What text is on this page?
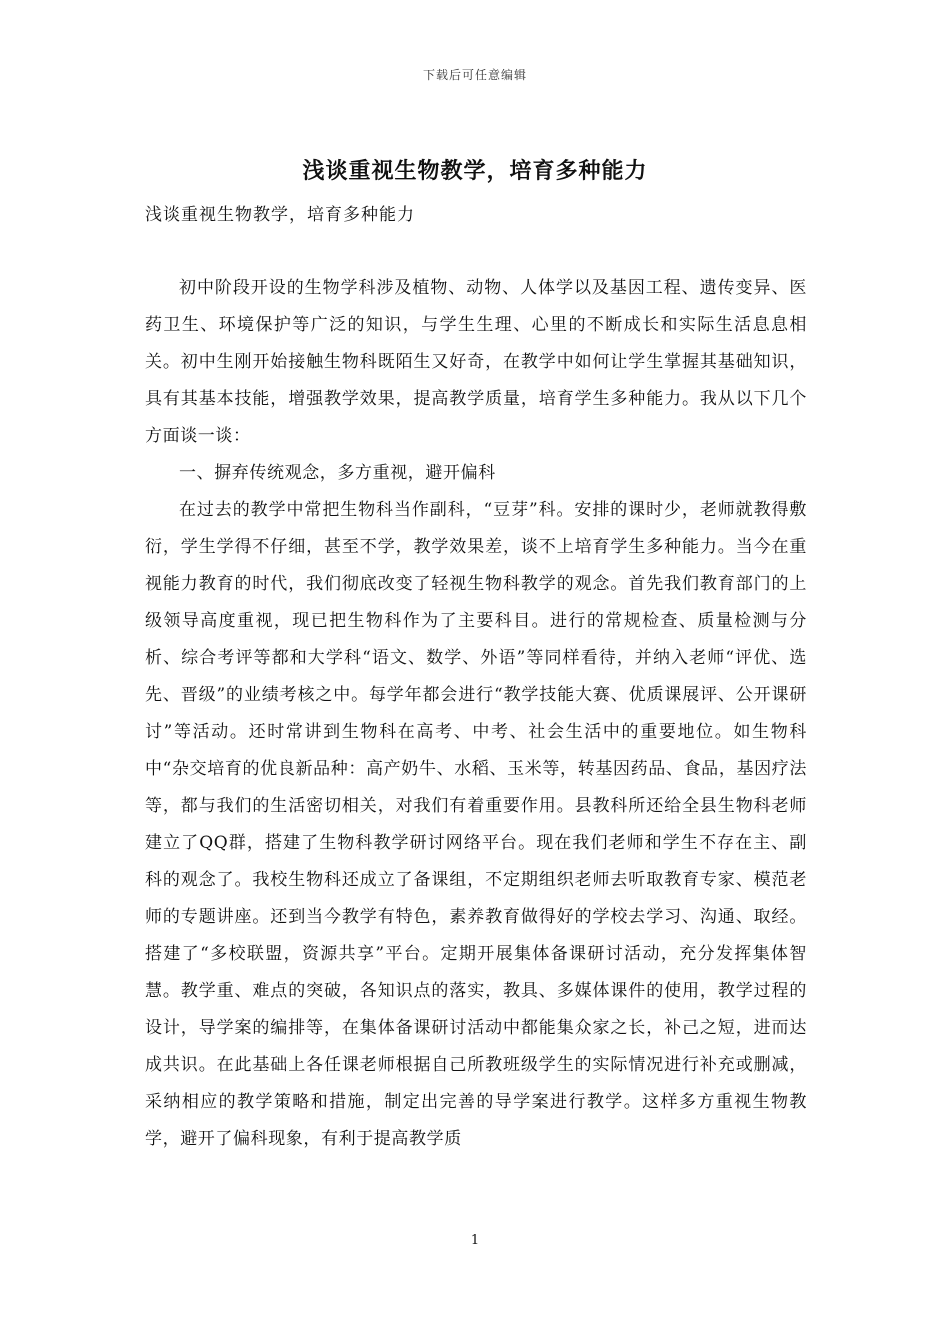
下载后可任意编辑
浅谈重视生物教学，培育多种能力
浅谈重视生物教学，培育多种能力

初中阶段开设的生物学科涉及植物、动物、人体学以及基因工程、遗传变异、医药卫生、环境保护等广泛的知识，与学生生理、心里的不断成长和实际生活息息相关。初中生刚开始接触生物科既陌生又好奇，在教学中如何让学生掌握其基础知识，具有其基本技能，增强教学效果，提高教学质量，培育学生多种能力。我从以下几个方面谈一谈：

一、摒弃传统观念，多方重视，避开偏科

在过去的教学中常把生物科当作副科，“豆芽”科。安排的课时少，老师就教得敷衍，学生学得不仔细，甚至不学，教学效果差，谈不上培育学生多种能力。当今在重视能力教育的时代，我们彻底改变了轻视生物科教学的观念。首先我们教育部门的上级领导高度重视，现已把生物科作为了主要科目。进行的常规检查、质量检测与分析、综合考评等都和大学科“语文、数学、外语”等同样看待，并纳入老师“评优、选先、晋级”的业绩考核之中。每学年都会进行“教学技能大赛、优质课展评、公开课研讨”等活动。还时常讲到生物科在高考、中考、社会生活中的重要地位。如生物科中“杂交培育的优良新品种：高产奶牛、水稻、玉米等，转基因药品、食品，基因疗法等，都与我们的生活密切相关，对我们有着重要作用。县教科所还给全县生物科老师建立了QQ群，搭建了生物科教学研讨网络平台。现在我们老师和学生不存在主、副科的观念了。我校生物科还成立了备课组，不定期组织老师去听取教育专家、模范老师的专题讲座。还到当今教学有特色，素养教育做得好的学校去学习、沟通、取经。搭建了“多校联盟，资源共享”平台。定期开展集体备课研讨活动，充分发挥集体智慧。教学重、难点的突破，各知识点的落实，教具、多媒体课件的使用，教学过程的设计，导学案的编排等，在集体备课研讨活动中都能集众家之长，补己之短，进而达成共识。在此基础上各任课老师根据自己所教班级学生的实际情况进行补充或删减，采纳相应的教学策略和措施，制定出完善的导学案进行教学。这样多方重视生物教学，避开了偏科现象，有利于提高教学质

1
